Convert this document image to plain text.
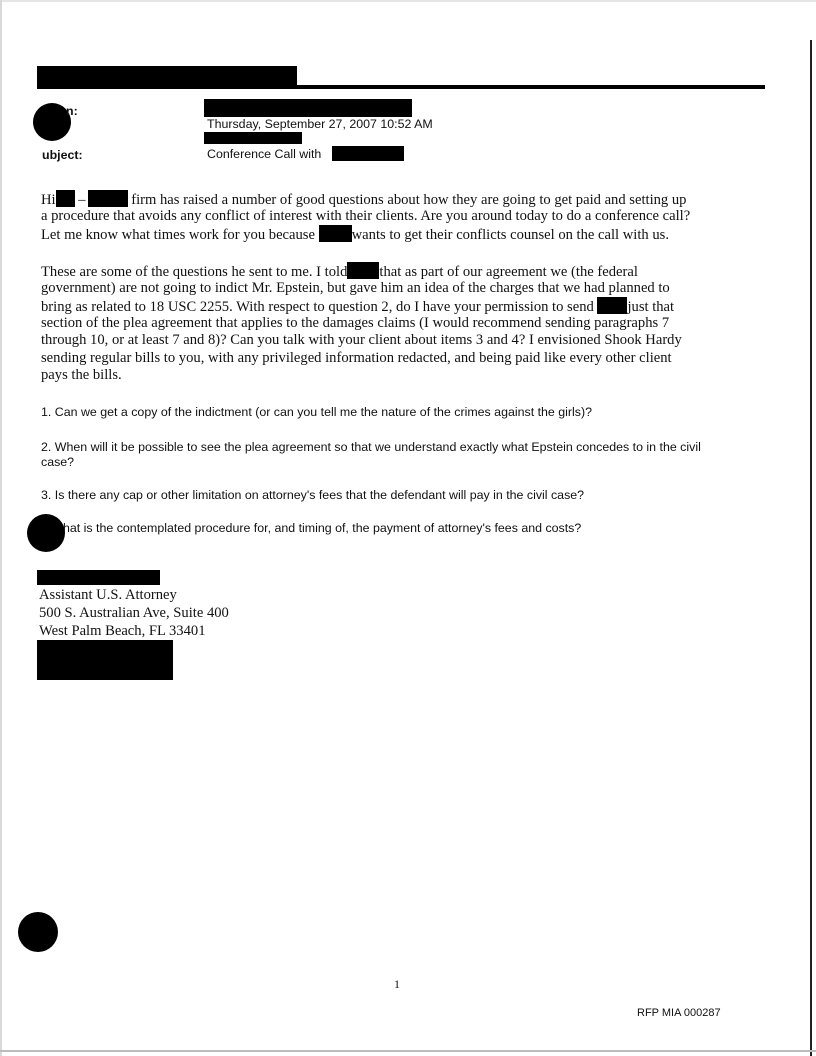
n:
Thursday, September 27, 2007 10:52 AM
ubject:	Conference Call with
Hi –	firm has raised a number of good questions about how they are going to get paid and setting up
a procedure that avoids any conflict of interest with their clients. Are you around today to do a conference call?
Let me know what times work for you because	wants to get their conflicts counsel on the call with us.
These are some of the questions he sent to me. I told that as part of our agreement we (the federal
government) are not going to indict Mr. Epstein, but gave him an idea of the charges that we had planned to
bring as related to 18 USC 2255. With respect to question 2, do I have your permission to send just that
section of the plea agreement that applies to the damages claims (I would recommend sending paragraphs 7
through 10, or at least 7 and 8)? Can you talk with your client about items 3 and 4? I envisioned Shook Hardy
sending regular bills to you, with any privileged information redacted, and being paid like every other client
pays the bills.
1. Can we get a copy of the indictment (or can you tell me the nature of the crimes against the girls)?
2. When will it be possible to see the plea agreement so that we understand exactly what Epstein concedes to in the civil
case?
3. Is there any cap or other limitation on attorney's fees that the defendant will pay in the civil case?
hat is the contemplated procedure for, and timing of, the payment of attorney's fees and costs?
Assistant U.S. Attorney
500 S. Australian Ave, Suite 400
West Palm Beach, FL 33401
1
RFP MIA 000287
